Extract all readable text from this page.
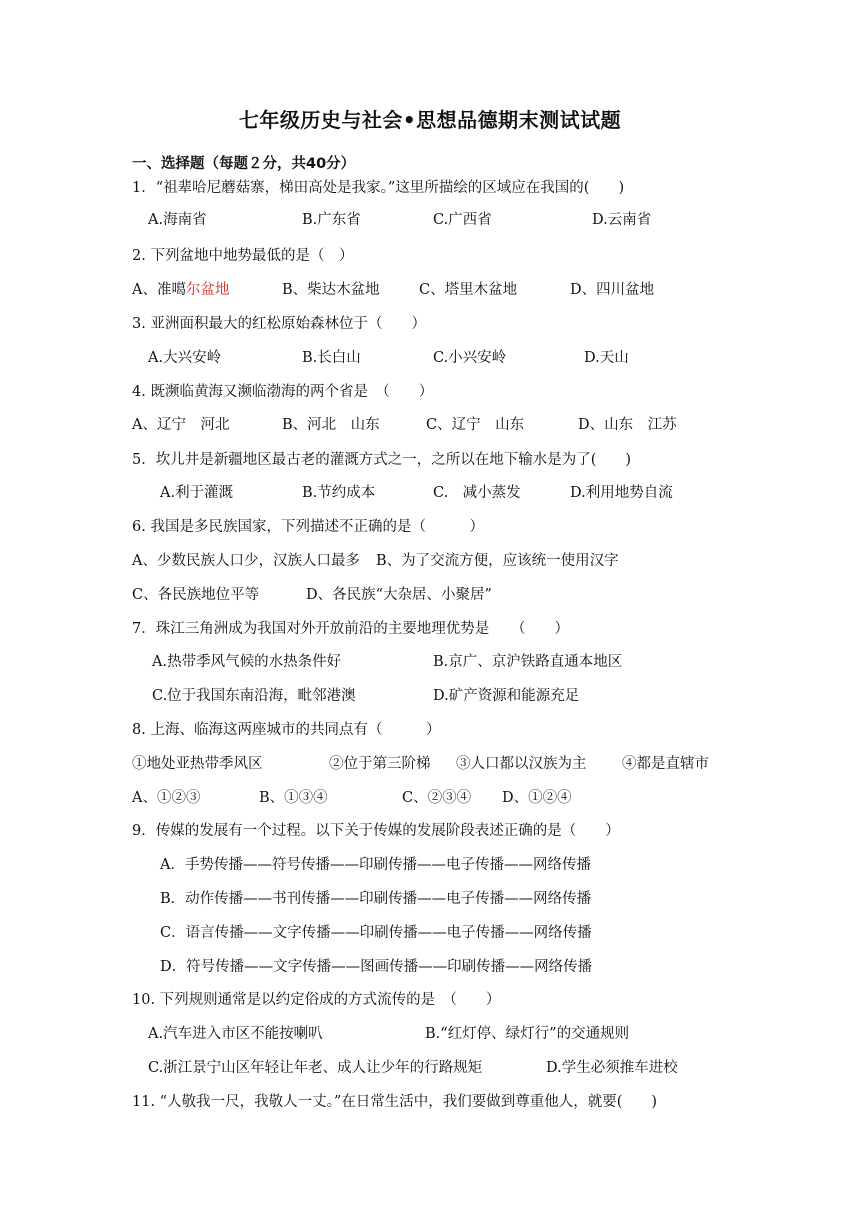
七年级历史与社会•思想品德期末测试试题
一、选择题（每题２分，共40分）
1．“祖辈哈尼蘑菇寨，梯田高处是我家。”这里所描绘的区域应在我国的(　　)
A.海南省	B.广东省	C.广西省	D.云南省
2. 下列盆地中地势最低的是（　）
A、准噶尔盆地	B、柴达木盆地	C、塔里木盆地	D、四川盆地
3. 亚洲面积最大的红松原始森林位于（　　）
A.大兴安岭	B.长白山	C.小兴安岭	D.天山
4. 既濒临黄海又濒临渤海的两个省是　（　　）
A、辽宁　河北	B、河北　山东	C、辽宁　山东	D、山东　江苏
5．坎儿井是新疆地区最古老的灌溉方式之一，之所以在地下输水是为了(　　)
A.利于灌溉	B.节约成本	C.　减小蒸发	D.利用地势自流
6. 我国是多民族国家，下列描述不正确的是（　　　）
A、少数民族人口少，汉族人口最多 B、为了交流方便，应该统一使用汉字
C、各民族地位平等	D、各民族“大杂居、小聚居”
7．珠江三角洲成为我国对外开放前沿的主要地理优势是　　（　　）
A.热带季风气候的水热条件好	B.京广、京沪铁路直通本地区
C.位于我国东南沿海，毗邻港澳	D.矿产资源和能源充足
8. 上海、临海这两座城市的共同点有（　　　）
①地处亚热带季风区	②位于第三阶梯 ③人口都以汉族为主 ④都是直辖市
A、①②③	B、①③④	C、②③④ D、①②④
9．传媒的发展有一个过程。以下关于传媒的发展阶段表述正确的是（　　）
A．手势传播——符号传播——印刷传播——电子传播——网络传播
B．动作传播——书刊传播——印刷传播——电子传播——网络传播
C．语言传播——文字传播——印刷传播——电子传播——网络传播
D．符号传播——文字传播——图画传播——印刷传播——网络传播
10. 下列规则通常是以约定俗成的方式流传的是　（　　）
A.汽车进入市区不能按喇叭	B.“红灯停、绿灯行”的交通规则
C.浙江景宁山区年轻让年老、成人让少年的行路规矩	D.学生必须推车进校
11. “人敬我一尺，我敬人一丈。”在日常生活中，我们要做到尊重他人，就要(　　)
